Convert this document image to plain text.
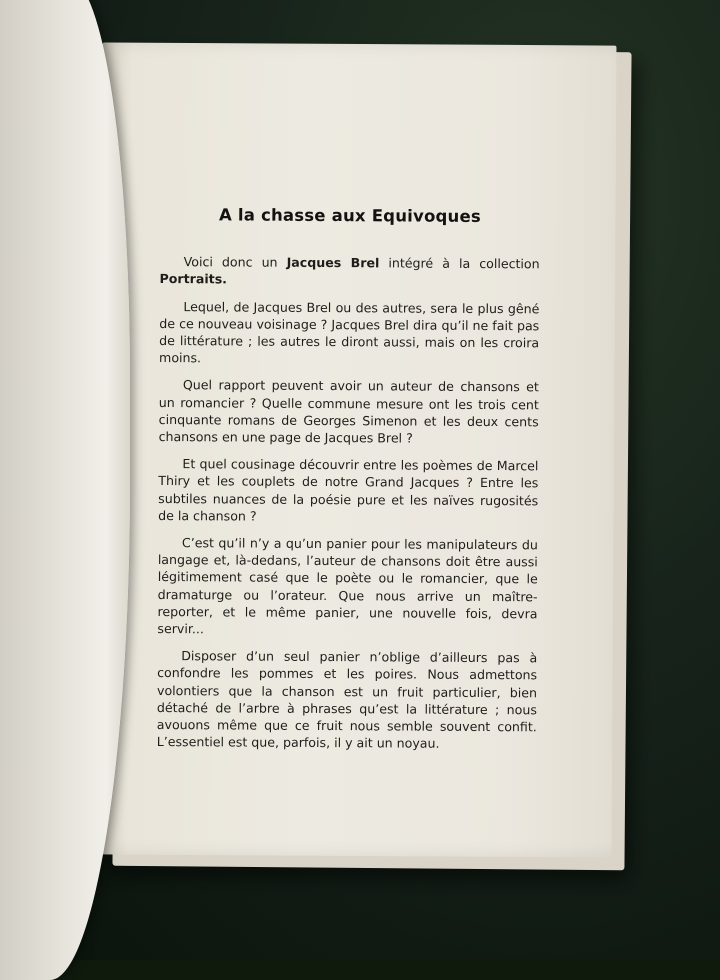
A la chasse aux Equivoques

Voici donc un Jacques Brel intégré à la collection Portraits.

Lequel, de Jacques Brel ou des autres, sera le plus gêné de ce nouveau voisinage ? Jacques Brel dira qu’il ne fait pas de littérature ; les autres le diront aussi, mais on les croira moins.

Quel rapport peuvent avoir un auteur de chansons et un romancier ? Quelle commune mesure ont les trois cent cinquante romans de Georges Simenon et les deux cents chansons en une page de Jacques Brel ?

Et quel cousinage découvrir entre les poèmes de Marcel Thiry et les couplets de notre Grand Jacques ? Entre les subtiles nuances de la poésie pure et les naïves rugosités de la chanson ?

C’est qu’il n’y a qu’un panier pour les manipulateurs du langage et, là-dedans, l’auteur de chansons doit être aussi légitimement casé que le poète ou le romancier, que le dramaturge ou l’orateur. Que nous arrive un maître-reporter, et le même panier, une nouvelle fois, devra servir...

Disposer d’un seul panier n’oblige d’ailleurs pas à confondre les pommes et les poires. Nous admettons volontiers que la chanson est un fruit particulier, bien détaché de l’arbre à phrases qu’est la littérature ; nous avouons même que ce fruit nous semble souvent confit. L’essentiel est que, parfois, il y ait un noyau.
